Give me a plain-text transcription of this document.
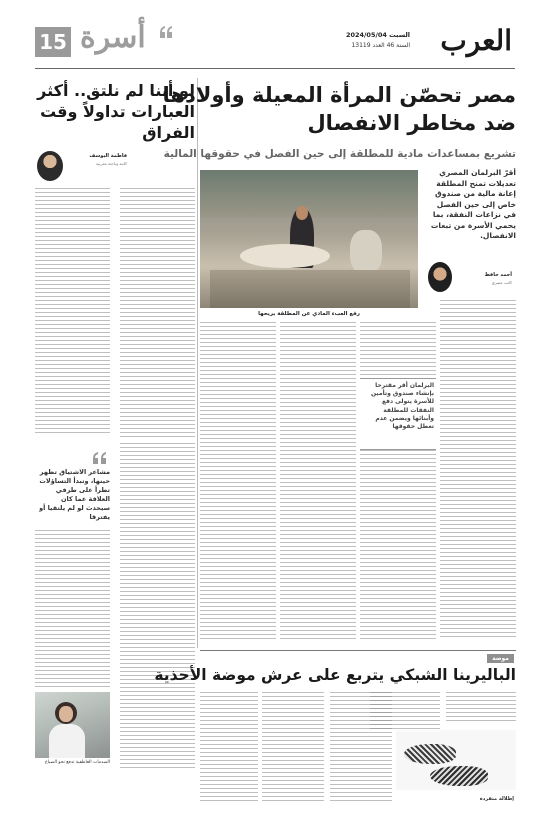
العرب
السبت 2024/05/04
السنة 46 العدد 13119
أسرة
15
لو أننا لم نلتق.. أكثر العبارات تداولاً وقت الفراق
فاطمة اليوسف
كاتبة وباحثة مغربية
مشاعر الاشتياق تظهر حينها، وتبدأ التساؤلات تطرأ على طرفي العلاقة عما كان سيحدث لو لم يلتقيا أو يفترقا
الصدمات العاطفية تدفع نحو الضياع
مصر تحصّن المرأة المعيلة وأولادها
ضد مخاطر الانفصال
تشريع بمساعدات مادية للمطلقة إلى حين الفصل في حقوقها المالية
أقرّ البرلمان المصري تعديلات تمنح المطلقة إعانة مالية من صندوق خاص إلى حين الفصل في نزاعات النفقة، بما يحمي الأسرة من تبعات الانفصال.
أحمد حافظ
كاتب مصري
رفع العبء المادي عن المطلقة يريحها
البرلمان أقر مقترحا بإنشاء صندوق وتأمين للأسرة يتولى دفع النفقات للمطلقة وأبنائها ويضمن عدم تعطل حقوقها
موضة
الباليرينا الشبكي يتربع على عرش موضة الأحذية
إطلالة متفردة
